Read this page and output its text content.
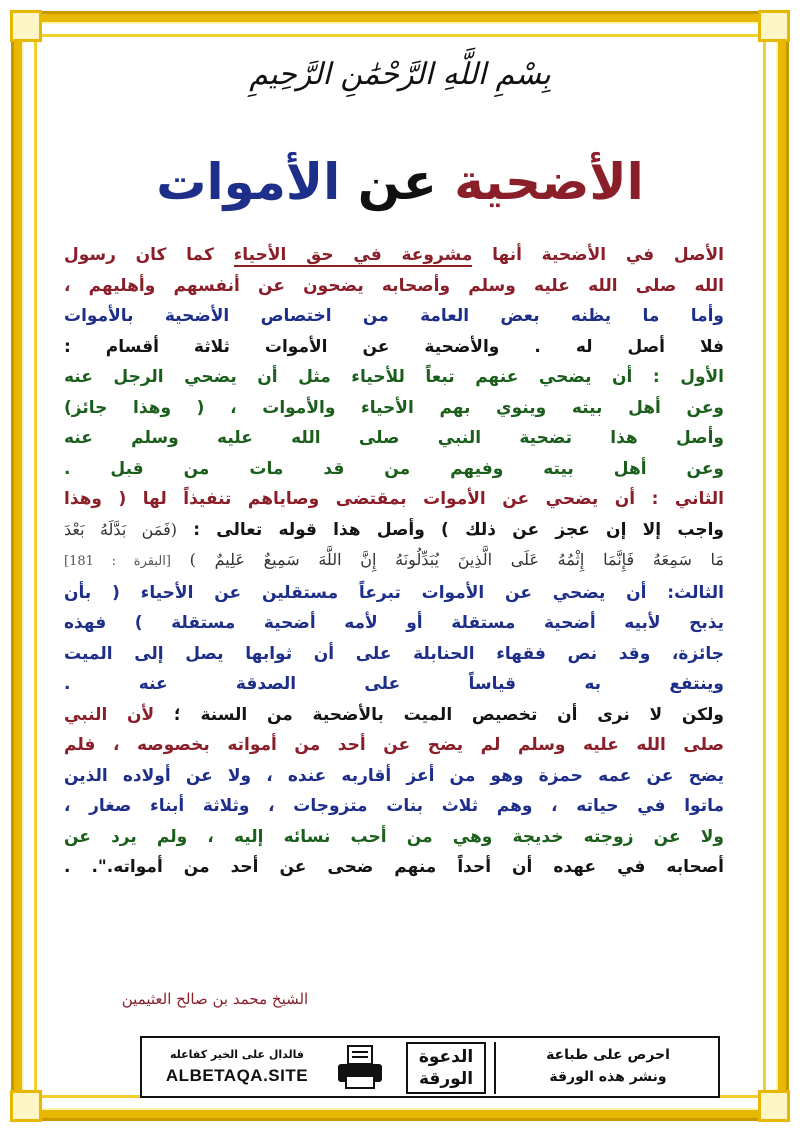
بِسْمِ اللَّهِ الرَّحْمَٰنِ الرَّحِيمِ
الأضحية عن الأموات
الأصل في الأضحية أنها مشروعة في حق الأحياء كما كان رسول
الله صلى الله عليه وسلم وأصحابه يضحون عن أنفسهم وأهليهم ،
وأما ما يظنه بعض العامة من اختصاص الأضحية بالأموات
فلا أصل له . والأضحية عن الأموات ثلاثة أقسام :
الأول : أن يضحي عنهم تبعاً للأحياء مثل أن يضحي الرجل عنه
وعن أهل بيته وينوي بهم الأحياء والأموات ، ( وهذا جائز)
وأصل هذا تضحية النبي صلى الله عليه وسلم عنه
وعن أهل بيته وفيهم من قد مات من قبل .
الثاني : أن يضحي عن الأموات بمقتضى وصاياهم تنفيذاً لها ( وهذا
واجب إلا إن عجز عن ذلك ) وأصل هذا قوله تعالى : (فَمَن بَدَّلَهُ بَعْدَ
مَا سَمِعَهُ فَإِنَّمَا إِثْمُهُ عَلَى الَّذِينَ يُبَدِّلُونَهُ إِنَّ اللَّهَ سَمِيعٌ عَلِيمٌ ) [البقرة : 181]
الثالث: أن يضحي عن الأموات تبرعاً مستقلين عن الأحياء ( بأن
يذبح لأبيه أضحية مستقلة أو لأمه أضحية مستقلة ) فهذه
جائزة، وقد نص فقهاء الحنابلة على أن ثوابها يصل إلى الميت
وينتفع به قياساً على الصدقة عنه .
ولكن لا نرى أن تخصيص الميت بالأضحية من السنة ؛ لأن النبي
صلى الله عليه وسلم لم يضح عن أحد من أمواته بخصوصه ، فلم
يضح عن عمه حمزة وهو من أعز أقاربه عنده ، ولا عن أولاده الذين
ماتوا في حياته ، وهم ثلاث بنات متزوجات ، وثلاثة أبناء صغار ،
ولا عن زوجته خديجة وهي من أحب نسائه إليه ، ولم يرد عن
أصحابه في عهده أن أحداً منهم ضحى عن أحد من أمواته.". .
الشيخ محمد بن صالح العثيمين
فالدال على الخير كفاعله
ALBETAQA.SITE
الدعوة
الورقة
احرص على طباعة
ونشر هذه الورقة
